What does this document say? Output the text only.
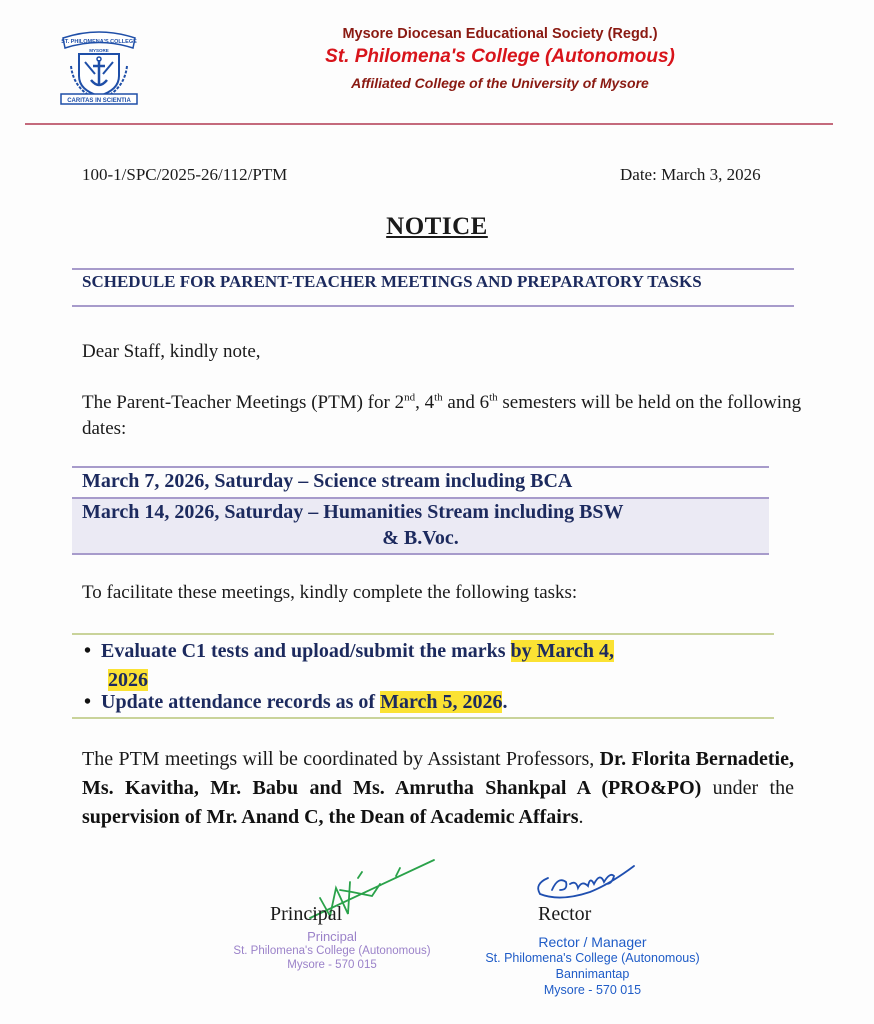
ST. PHILOMENA'S COLLEGE
MYSORE
CARITAS IN SCIENTIA
Mysore Diocesan Educational Society (Regd.)
St. Philomena's College (Autonomous)
Affiliated College of the University of Mysore
100-1/SPC/2025-26/112/PTM	Date: March 3, 2026
NOTICE
SCHEDULE FOR PARENT-TEACHER MEETINGS AND PREPARATORY TASKS
Dear Staff, kindly note,
The Parent-Teacher Meetings (PTM) for 2nd, 4th and 6th semesters will be held on the following dates:
March 7, 2026, Saturday – Science stream including BCA
March 14, 2026, Saturday – Humanities Stream including BSW
& B.Voc.
To facilitate these meetings, kindly complete the following tasks:
• Evaluate C1 tests and upload/submit the marks by March 4,
2026
• Update attendance records as of March 5, 2026.
The PTM meetings will be coordinated by Assistant Professors, Dr. Florita Bernadetie, Ms. Kavitha, Mr. Babu and Ms. Amrutha Shankpal A (PRO&PO) under the supervision of Mr. Anand C, the Dean of Academic Affairs.
Principal
Principal
St. Philomena's College (Autonomous)
Mysore - 570 015
Rector
Rector / Manager
St. Philomena's College (Autonomous)
Bannimantap
Mysore - 570 015
